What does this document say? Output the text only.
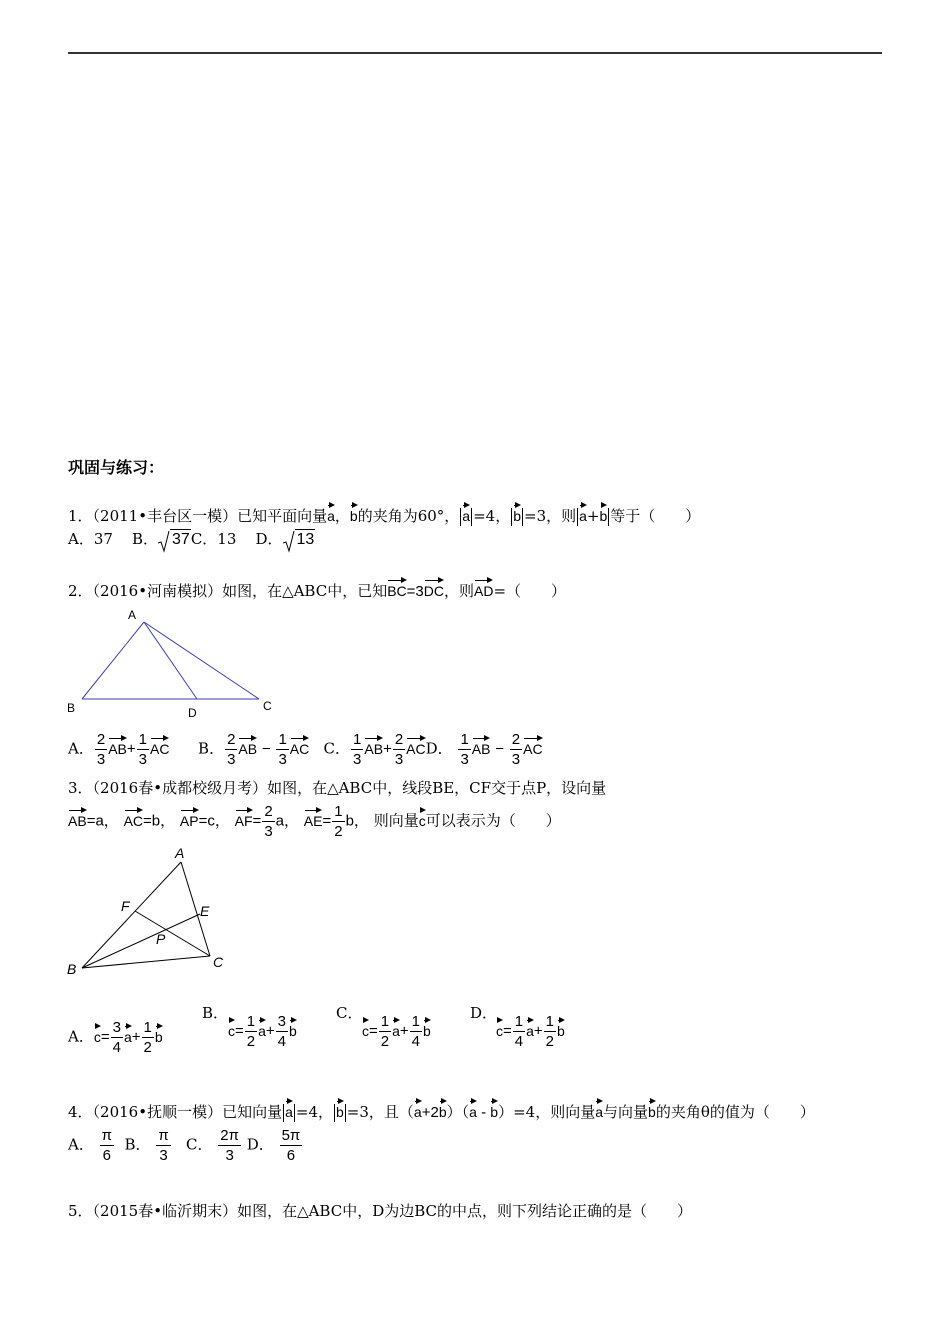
巩固与练习：
1．（2011•丰台区一模）已知平面向量a，b的夹角为60°， a =4， b =3，则 a+b 等于（　　）
A．37 B． 37C．13 D． 13
2．（2016•河南模拟）如图，在△ABC中，已知BC=3DC，则AD=（　　）
A
B	D	C
A． $\frac{2}{3} AB+ \frac{1}{3}$ AC B． $\frac{2}{3}$ AB − $\frac{1}{3}$ AC C． $\frac{1}{3} AB+ \frac{2}{3}$ ACD． $\frac{1}{3}$ AB − $\frac{2}{3}$ AC
3．（2016春•成都校级月考）如图，在△ABC中，线段BE，CF交于点P，设向量
AB=a， AC=b， AP=c， $AF= \frac{2}{3}$ a， $AE= \frac{1}{2}$ b， 则向量c可以表示为（　　）
A
B	C
E
F
P
A．$c= \frac{3}{4} a+ \frac{1}{2}$ b
B．
$c= \frac{1}{2} a+ \frac{3}{4}$ b
C．
$c= \frac{1}{2} a+ \frac{1}{4}$ b
D．
$c= \frac{1}{4} a+ \frac{1}{2}$ b
4．（2016•抚顺一模）已知向量 a =4， b =3，且（a+2b）（a - b）=4，则向量a与向量b的夹角θ的值为（　　）
A． $\frac{\pi}{6}$ B． $\frac{\pi}{3}$ C． $\frac{2\pi}{3}$ D． $\frac{5\pi}{6}$
5．（2015春•临沂期末）如图，在△ABC中，D为边BC的中点，则下列结论正确的是（　　）
